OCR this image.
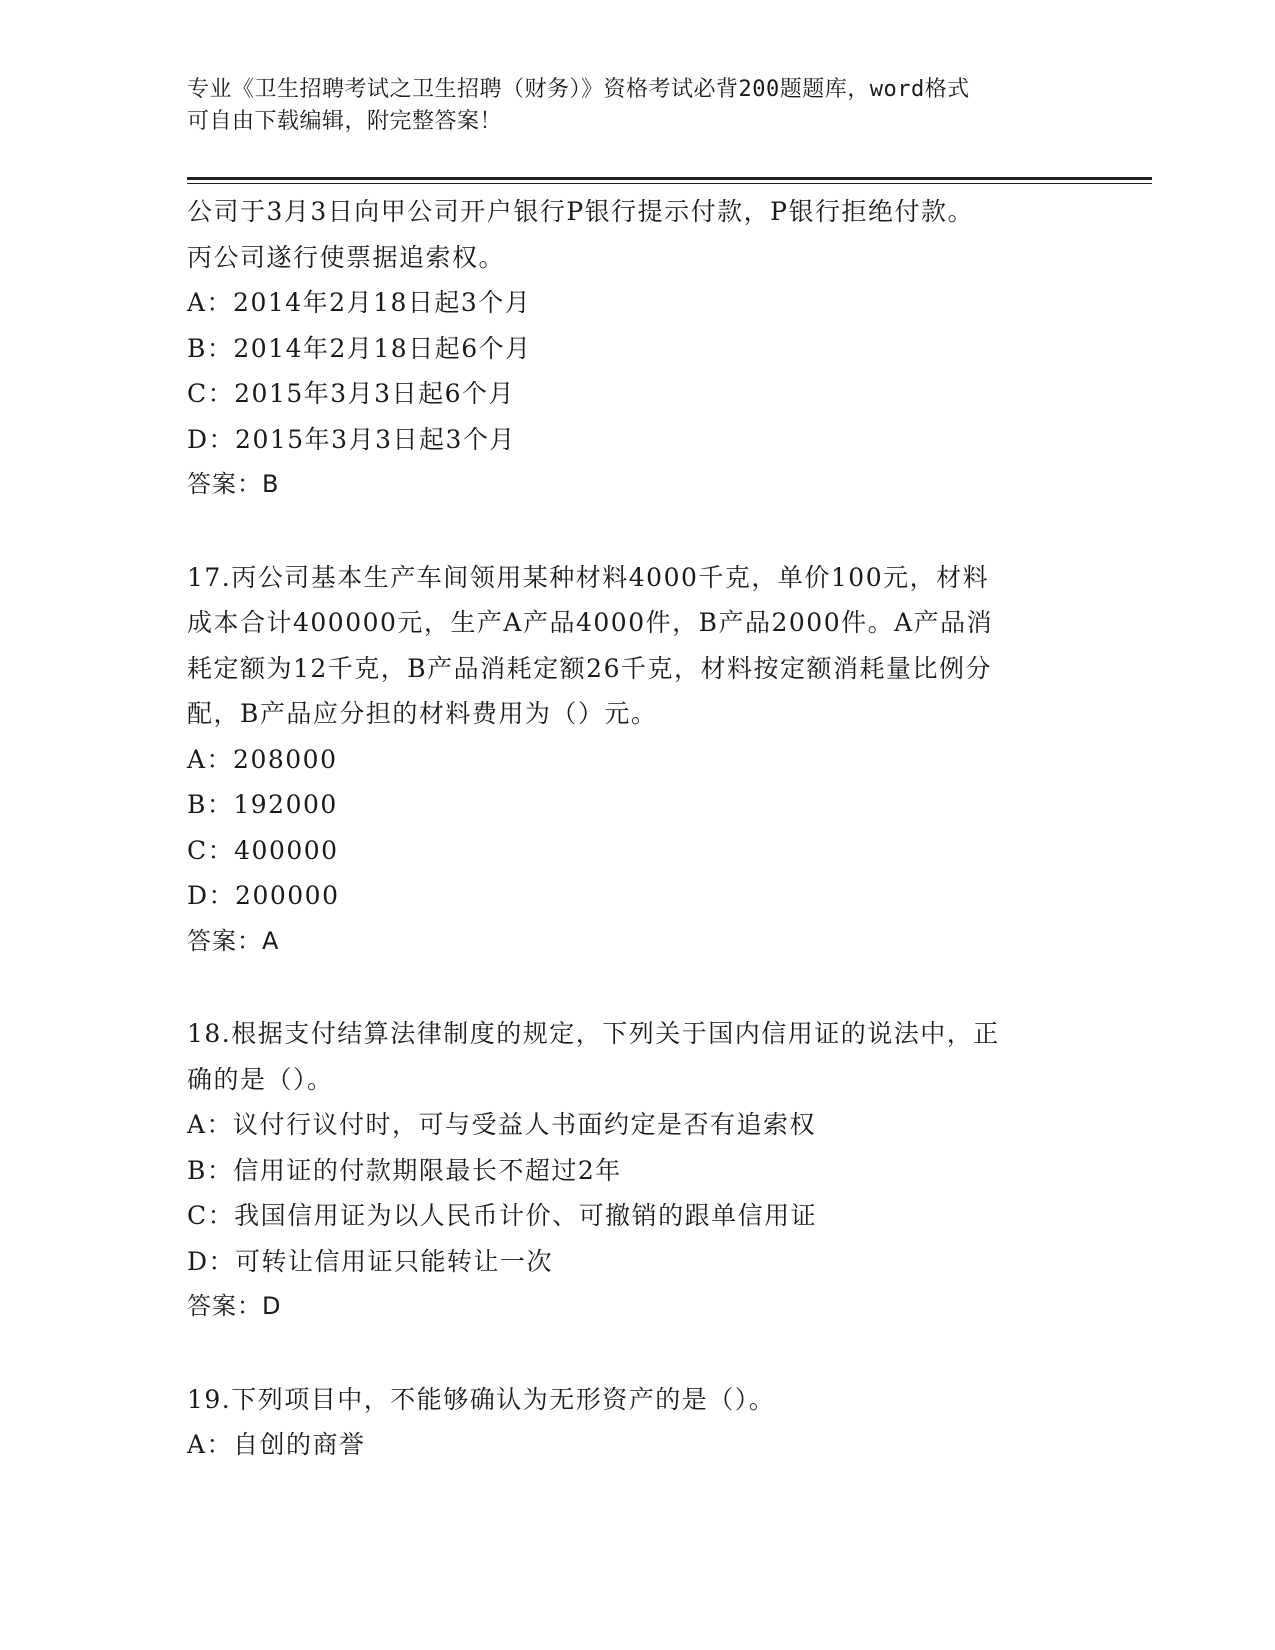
专业《卫生招聘考试之卫生招聘（财务）》资格考试必背200题题库，word格式
可自由下载编辑，附完整答案！
公司于3月3日向甲公司开户银行P银行提示付款，P银行拒绝付款。
丙公司遂行使票据追索权。
A：2014年2月18日起3个月
B：2014年2月18日起6个月
C：2015年3月3日起6个月
D：2015年3月3日起3个月
答案：B
17.丙公司基本生产车间领用某种材料4000千克，单价100元，材料
成本合计400000元，生产A产品4000件，B产品2000件。A产品消
耗定额为12千克，B产品消耗定额26千克，材料按定额消耗量比例分
配，B产品应分担的材料费用为（）元。
A：208000
B：192000
C：400000
D：200000
答案：A
18.根据支付结算法律制度的规定，下列关于国内信用证的说法中，正
确的是（）。
A：议付行议付时，可与受益人书面约定是否有追索权
B：信用证的付款期限最长不超过2年
C：我国信用证为以人民币计价、可撤销的跟单信用证
D：可转让信用证只能转让一次
答案：D
19.下列项目中，不能够确认为无形资产的是（）。
A：自创的商誉
